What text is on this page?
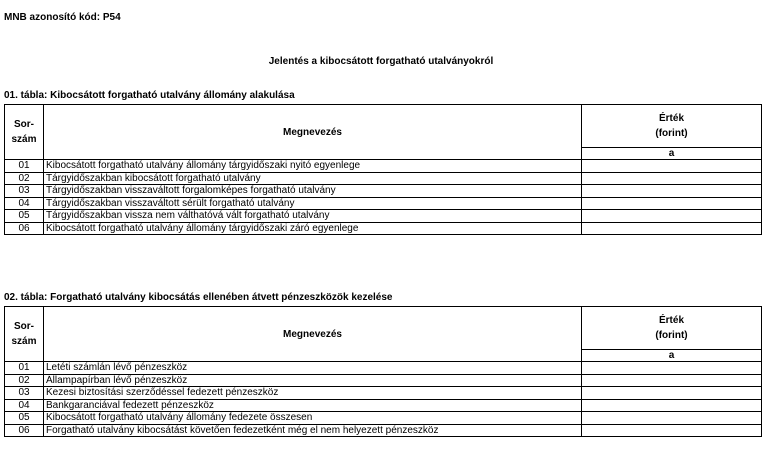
MNB azonosító kód: P54
Jelentés a kibocsátott forgatható utalványokról
01. tábla: Kibocsátott forgatható utalvány állomány alakulása
Sor-
szám	Megnevezés	Érték
(forint)
		a
01	Kibocsátott forgatható utalvány állomány tárgyidőszaki nyitó egyenlege	
02	Tárgyidőszakban kibocsátott forgatható utalvány	
03	Tárgyidőszakban visszaváltott forgalomképes forgatható utalvány	
04	Tárgyidőszakban visszaváltott sérült forgatható utalvány	
05	Tárgyidőszakban vissza nem válthatóvá vált forgatható utalvány	
06	Kibocsátott forgatható utalvány állomány tárgyidőszaki záró egyenlege	
02. tábla: Forgatható utalvány kibocsátás ellenében átvett pénzeszközök kezelése
Sor-
szám	Megnevezés	Érték
(forint)
		a
01	Letéti számlán lévő pénzeszköz	
02	Állampapírban lévő pénzeszköz	
03	Kezesi biztosítási szerződéssel fedezett pénzeszköz	
04	Bankgaranciával fedezett pénzeszköz	
05	Kibocsátott forgatható utalvány állomány fedezete összesen	
06	Forgatható utalvány kibocsátást követően fedezetként még el nem helyezett pénzeszköz	
